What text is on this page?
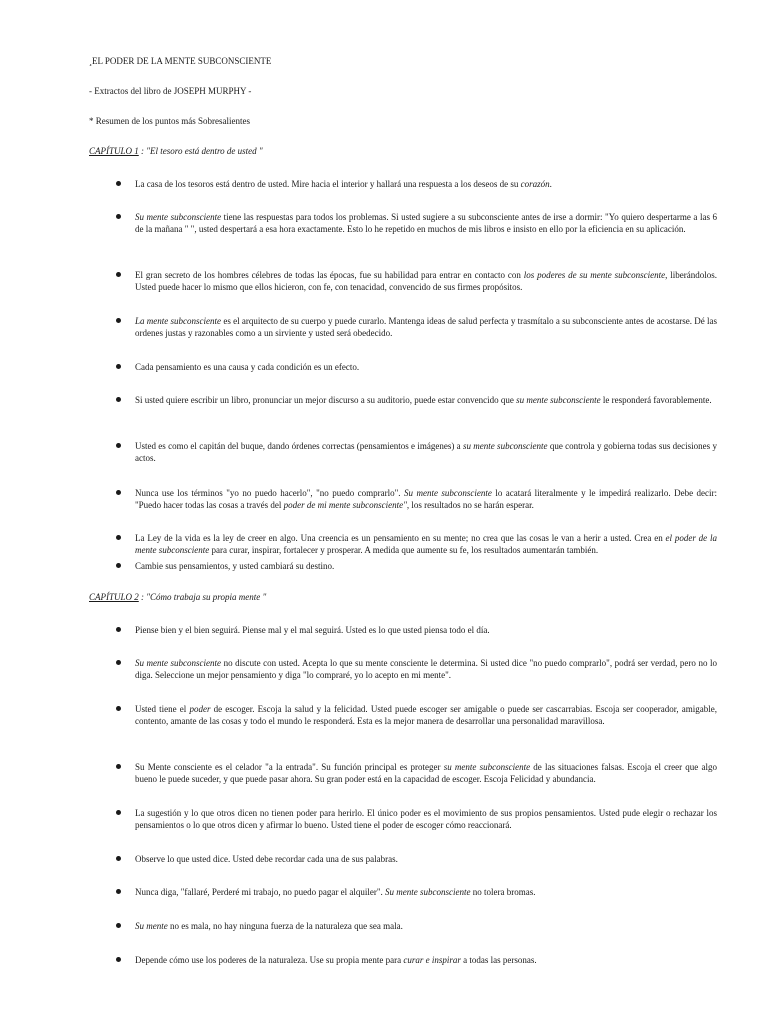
¸EL PODER DE LA MENTE SUBCONSCIENTE
- Extractos del libro de JOSEPH MURPHY -
* Resumen de los puntos más Sobresalientes
CAPÍTULO 1 : "El tesoro está dentro de usted "
La casa de los tesoros está dentro de usted. Mire hacia el interior y hallará una respuesta a los deseos de su corazón.
Su mente subconsciente tiene las respuestas para todos los problemas. Si usted sugiere a su subconsciente antes de irse a dormir: "Yo quiero despertarme a las 6 de la mañana " ", usted despertará a esa hora exactamente. Esto lo he repetido en muchos de mis libros e insisto en ello por la eficiencia en su aplicación.
El gran secreto de los hombres célebres de todas las épocas, fue su habilidad para entrar en contacto con los poderes de su mente subconsciente, liberándolos. Usted puede hacer lo mismo que ellos hicieron, con fe, con tenacidad, convencido de sus firmes propósitos.
La mente subconsciente es el arquitecto de su cuerpo y puede curarlo. Mantenga ideas de salud perfecta y trasmítalo a su subconsciente antes de acostarse. Dé las ordenes justas y razonables como a un sirviente y usted será obedecido.
Cada pensamiento es una causa y cada condición es un efecto.
Si usted quiere escribir un libro, pronunciar un mejor discurso a su auditorio, puede estar convencido que su mente subconsciente le responderá favorablemente.
Usted es como el capitán del buque, dando órdenes correctas (pensamientos e imágenes) a su mente subconsciente que controla y gobierna todas sus decisiones y actos.
Nunca use los términos "yo no puedo hacerlo", "no puedo comprarlo". Su mente subconsciente lo acatará literalmente y le impedirá realizarlo. Debe decir: "Puedo hacer todas las cosas a través del poder de mi mente subconsciente", los resultados no se harán esperar.
La Ley de la vida es la ley de creer en algo. Una creencia es un pensamiento en su mente; no crea que las cosas le van a herir a usted. Crea en el poder de la mente subconsciente para curar, inspirar, fortalecer y prosperar. A medida que aumente su fe, los resultados aumentarán también.
Cambie sus pensamientos, y usted cambiará su destino.
CAPÍTULO 2 : "Cómo trabaja su propia mente "
Piense bien y el bien seguirá. Piense mal y el mal seguirá. Usted es lo que usted piensa todo el día.
Su mente subconsciente no discute con usted. Acepta lo que su mente consciente le determina. Si usted dice "no puedo comprarlo", podrá ser verdad, pero no lo diga. Seleccione un mejor pensamiento y diga "lo compraré, yo lo acepto en mi mente".
Usted tiene el poder de escoger. Escoja la salud y la felicidad. Usted puede escoger ser amigable o puede ser cascarrabias. Escoja ser cooperador, amigable, contento, amante de las cosas y todo el mundo le responderá. Esta es la mejor manera de desarrollar una personalidad maravillosa.
Su Mente consciente es el celador "a la entrada". Su función principal es proteger su mente subconsciente de las situaciones falsas. Escoja el creer que algo bueno le puede suceder, y que puede pasar ahora. Su gran poder está en la capacidad de escoger. Escoja Felicidad y abundancia.
La sugestión y lo que otros dicen no tienen poder para herirlo. El único poder es el movimiento de sus propios pensamientos. Usted pude elegir o rechazar los pensamientos o lo que otros dicen y afirmar lo bueno. Usted tiene el poder de escoger cómo reaccionará.
Observe lo que usted dice. Usted debe recordar cada una de sus palabras.
Nunca diga, "fallaré, Perderé mi trabajo, no puedo pagar el alquiler". Su mente subconsciente no tolera bromas.
Su mente no es mala, no hay ninguna fuerza de la naturaleza que sea mala.
Depende cómo use los poderes de la naturaleza. Use su propia mente para curar e inspirar a todas las personas.
